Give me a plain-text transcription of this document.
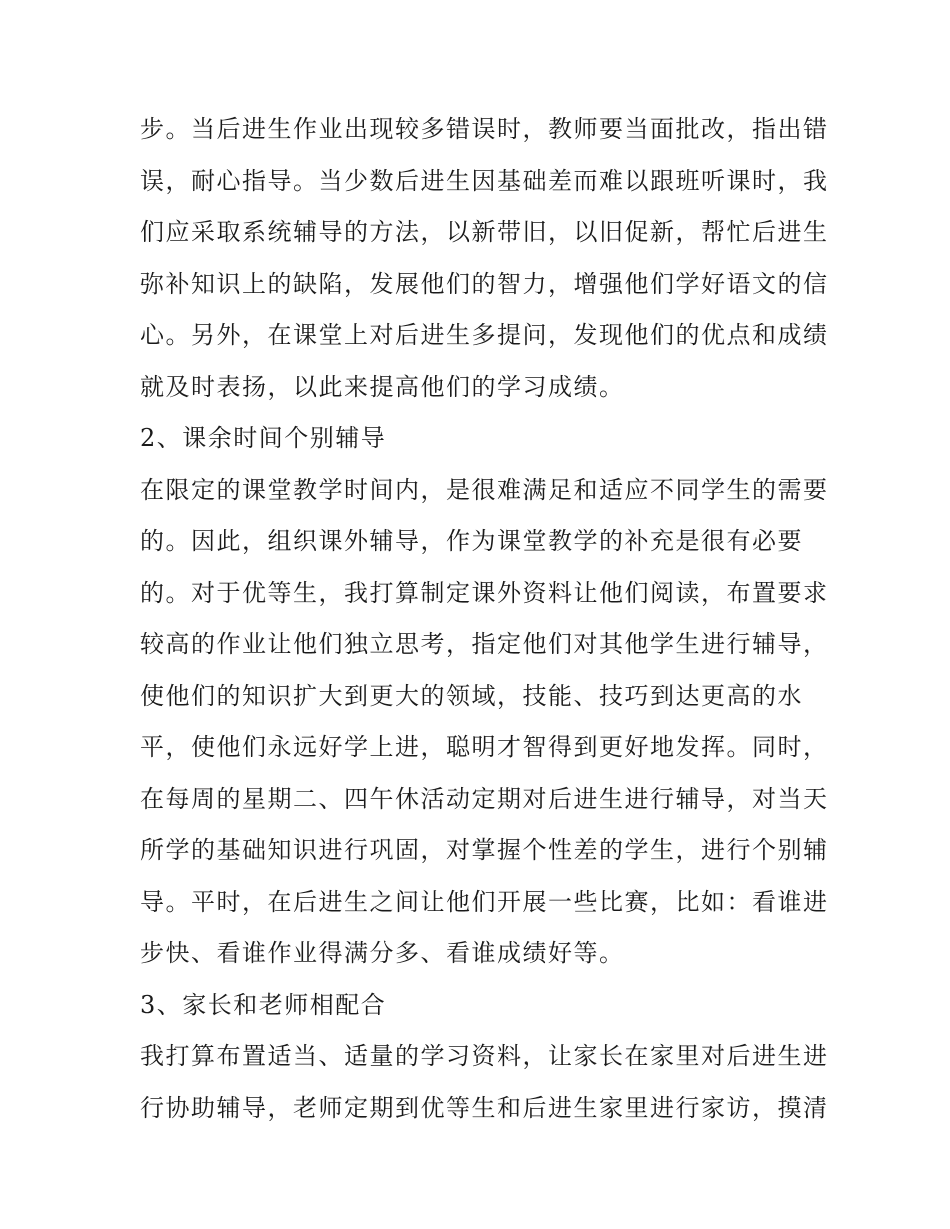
步。当后进生作业出现较多错误时，教师要当面批改，指出错
误，耐心指导。当少数后进生因基础差而难以跟班听课时，我
们应采取系统辅导的方法，以新带旧，以旧促新，帮忙后进生
弥补知识上的缺陷，发展他们的智力，增强他们学好语文的信
心。另外，在课堂上对后进生多提问，发现他们的优点和成绩
就及时表扬，以此来提高他们的学习成绩。
2、课余时间个别辅导
在限定的课堂教学时间内，是很难满足和适应不同学生的需要
的。因此，组织课外辅导，作为课堂教学的补充是很有必要
的。对于优等生，我打算制定课外资料让他们阅读，布置要求
较高的作业让他们独立思考，指定他们对其他学生进行辅导，
使他们的知识扩大到更大的领域，技能、技巧到达更高的水
平，使他们永远好学上进，聪明才智得到更好地发挥。同时，
在每周的星期二、四午休活动定期对后进生进行辅导，对当天
所学的基础知识进行巩固，对掌握个性差的学生，进行个别辅
导。平时，在后进生之间让他们开展一些比赛，比如：看谁进
步快、看谁作业得满分多、看谁成绩好等。
3、家长和老师相配合
我打算布置适当、适量的学习资料，让家长在家里对后进生进
行协助辅导，老师定期到优等生和后进生家里进行家访，摸清
